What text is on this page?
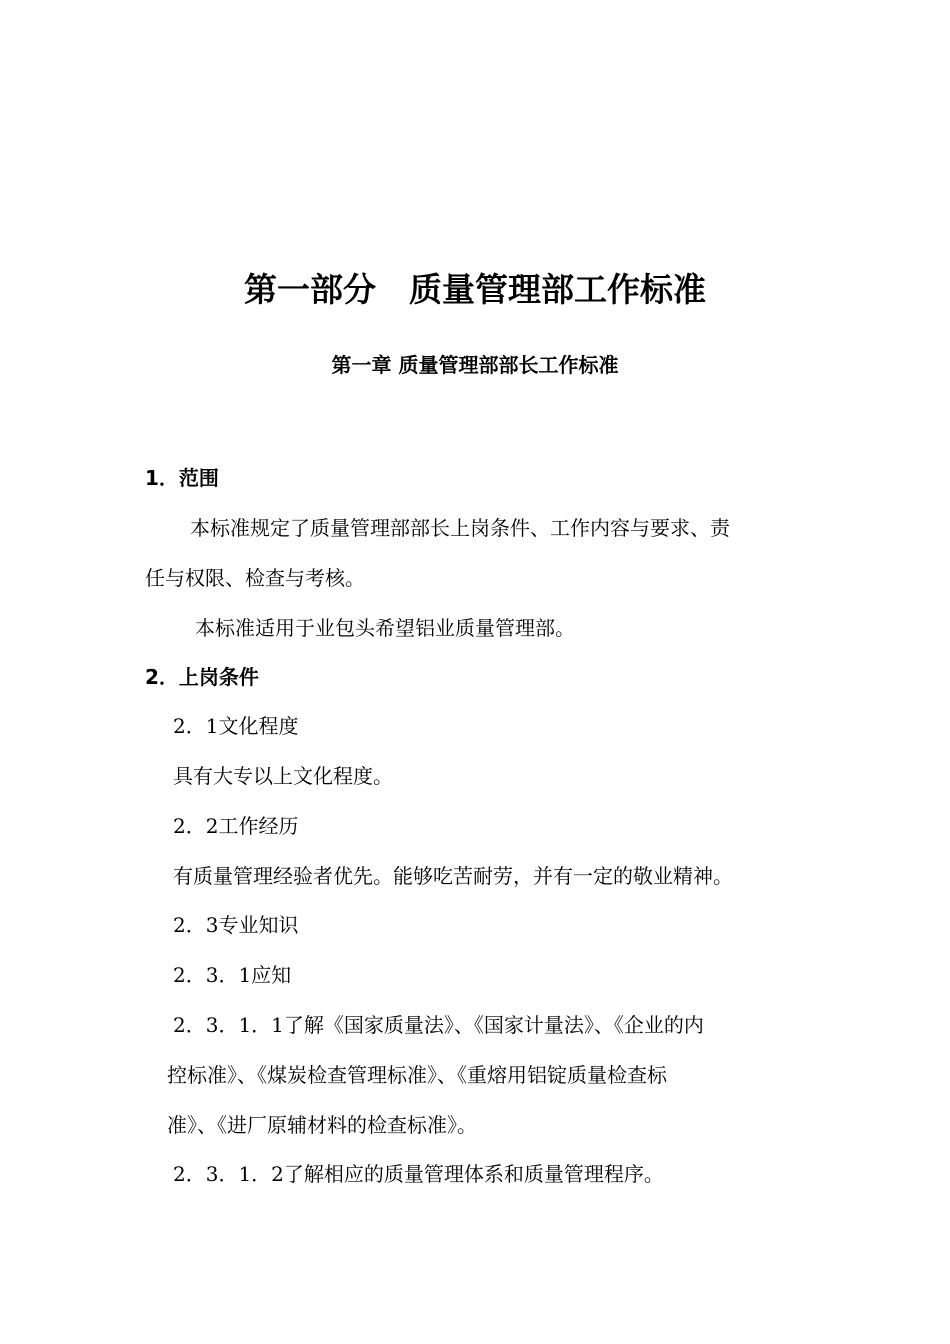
第一部分　质量管理部工作标准
第一章 质量管理部部长工作标准
1．范围
本标准规定了质量管理部部长上岗条件、工作内容与要求、责
任与权限、检查与考核。
本标准适用于业包头希望铝业质量管理部。
2．上岗条件
2．1文化程度
具有大专以上文化程度。
2．2工作经历
有质量管理经验者优先。能够吃苦耐劳，并有一定的敬业精神。
2．3专业知识
2．3．1应知
2．3．1．1了解《国家质量法》、《国家计量法》、《企业的内
控标准》、《煤炭检查管理标准》、《重熔用铝锭质量检查标
准》、《进厂原辅材料的检查标准》。
2．3．1．2了解相应的质量管理体系和质量管理程序。
